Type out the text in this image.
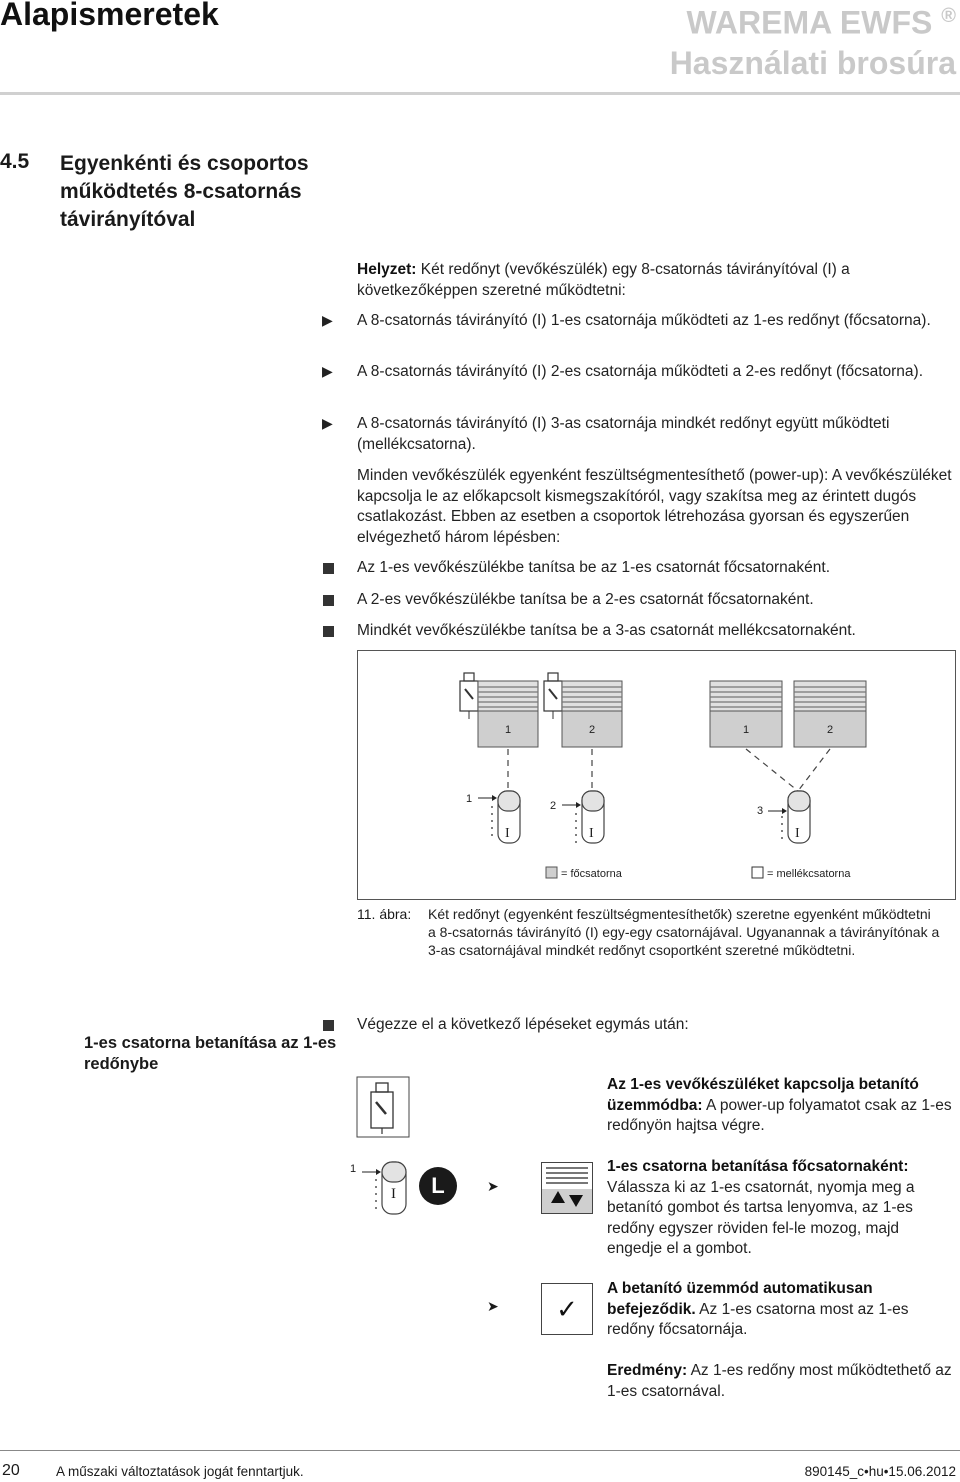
Alapismeretek	WAREMA EWFS ®
Használati brosúra
4.5 Egyenkénti és csoportos működtetés 8-csatornás távirányítóval
Helyzet: Két redőnyt (vevőkészülék) egy 8-csatornás távirányítóval (I) a következőképpen szeretné működtetni:
▶ A 8-csatornás távirányító (I) 1-es csatornája működteti az 1-es redőnyt (főcsatorna).
▶ A 8-csatornás távirányító (I) 2-es csatornája működteti a 2-es redőnyt (főcsatorna).
▶ A 8-csatornás távirányító (I) 3-as csatornája mindkét redőnyt együtt működteti (mellékcsatorna).
Minden vevőkészülék egyenként feszültségmentesíthető (power-up): A vevőkészüléket kapcsolja le az előkapcsolt kismegszakítóról, vagy szakítsa meg az érintett dugós csatlakozást. Ebben az esetben a csoportok létrehozása gyorsan és egyszerűen elvégezhető három lépésben:
Az 1-es vevőkészülékbe tanítsa be az 1-es csatornát főcsatornaként.
A 2-es vevőkészülékbe tanítsa be a 2-es csatornát főcsatornaként.
Mindkét vevőkészülékbe tanítsa be a 3-as csatornát mellékcsatornaként.
1	2	1	2
1
I
2
I
3
I
= főcsatorna	= mellékcsatorna
11. ábra: Két redőnyt (egyenként feszültségmentesíthetők) szeretne egyenként működtetni a 8-csatornás távirányító (I) egy-egy csatornájával. Ugyanannak a távirányítónak a 3-as csatornájával mindkét redőnyt csoportként szeretné működtetni.
Végezze el a következő lépéseket egymás után:
1-es csatorna betanítása az 1-es redőnybe
1
I	L	➤
➤	✓
Az 1-es vevőkészüléket kapcsolja betanító üzemmódba: A power-up folyamatot csak az 1-es redőnyön hajtsa végre.
1-es csatorna betanítása főcsatornaként: Válassza ki az 1-es csatornát, nyomja meg a betanító gombot és tartsa lenyomva, az 1-es redőny egyszer röviden fel-le mozog, majd engedje el a gombot.
A betanító üzemmód automatikusan befejeződik. Az 1-es csatorna most az 1-es redőny főcsatornája.
Eredmény: Az 1-es redőny most működtethető az 1-es csatornával.
20	A műszaki változtatások jogát fenntartjuk.	890145_c•hu•15.06.2012
